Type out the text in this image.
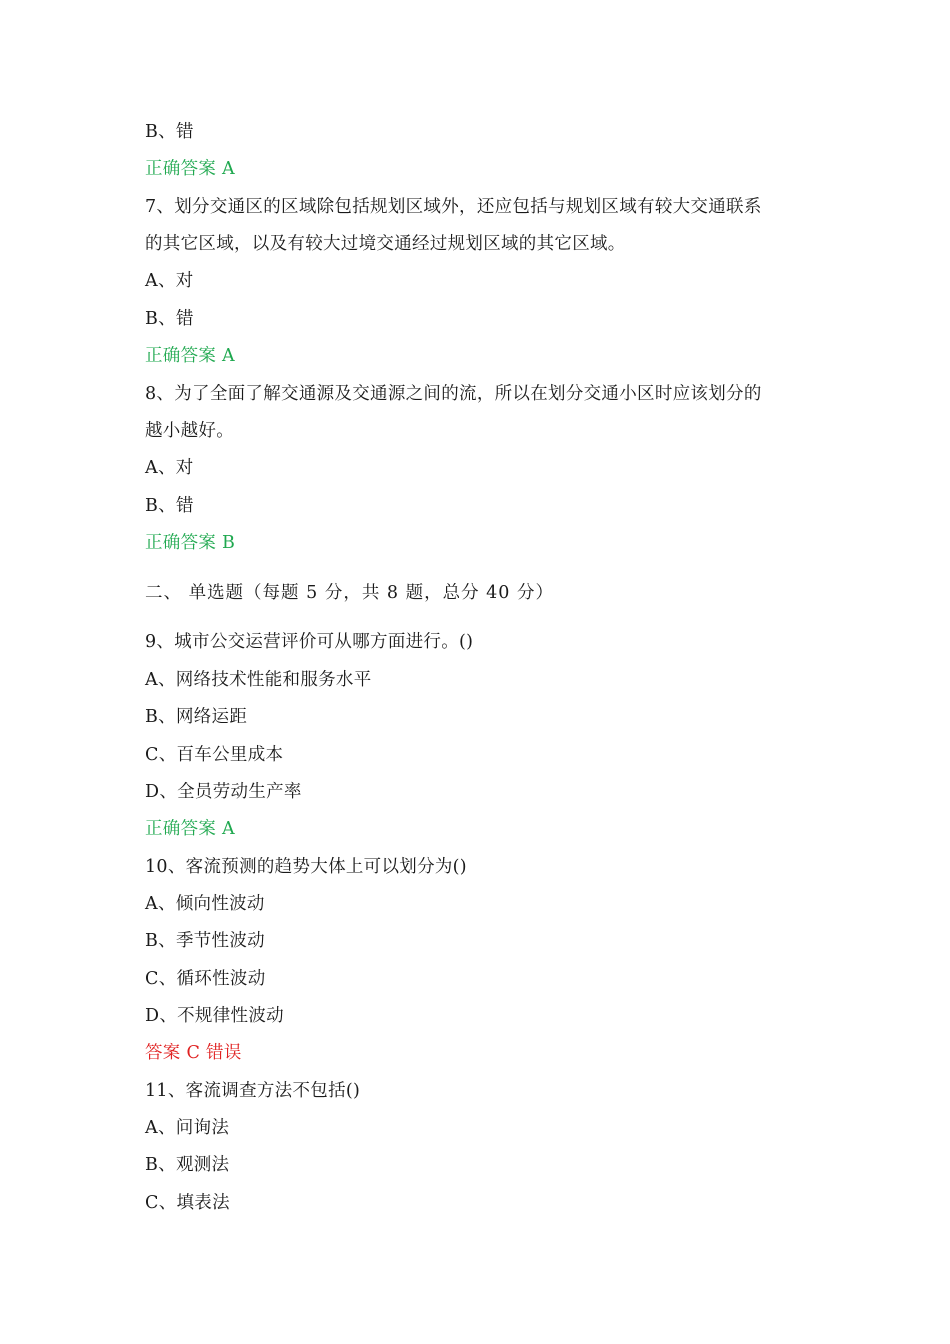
B、错
正确答案 A
7、划分交通区的区域除包括规划区域外，还应包括与规划区域有较大交通联系
的其它区域，以及有较大过境交通经过规划区域的其它区域。
A、对
B、错
正确答案 A
8、为了全面了解交通源及交通源之间的流，所以在划分交通小区时应该划分的
越小越好。
A、对
B、错
正确答案 B
二、 单选题（每题 5 分，共 8 题，总分 40 分）
9、城市公交运营评价可从哪方面进行。()
A、网络技术性能和服务水平
B、网络运距
C、百车公里成本
D、全员劳动生产率
正确答案 A
10、客流预测的趋势大体上可以划分为()
A、倾向性波动
B、季节性波动
C、循环性波动
D、不规律性波动
答案 C 错误
11、客流调查方法不包括()
A、问询法
B、观测法
C、填表法
